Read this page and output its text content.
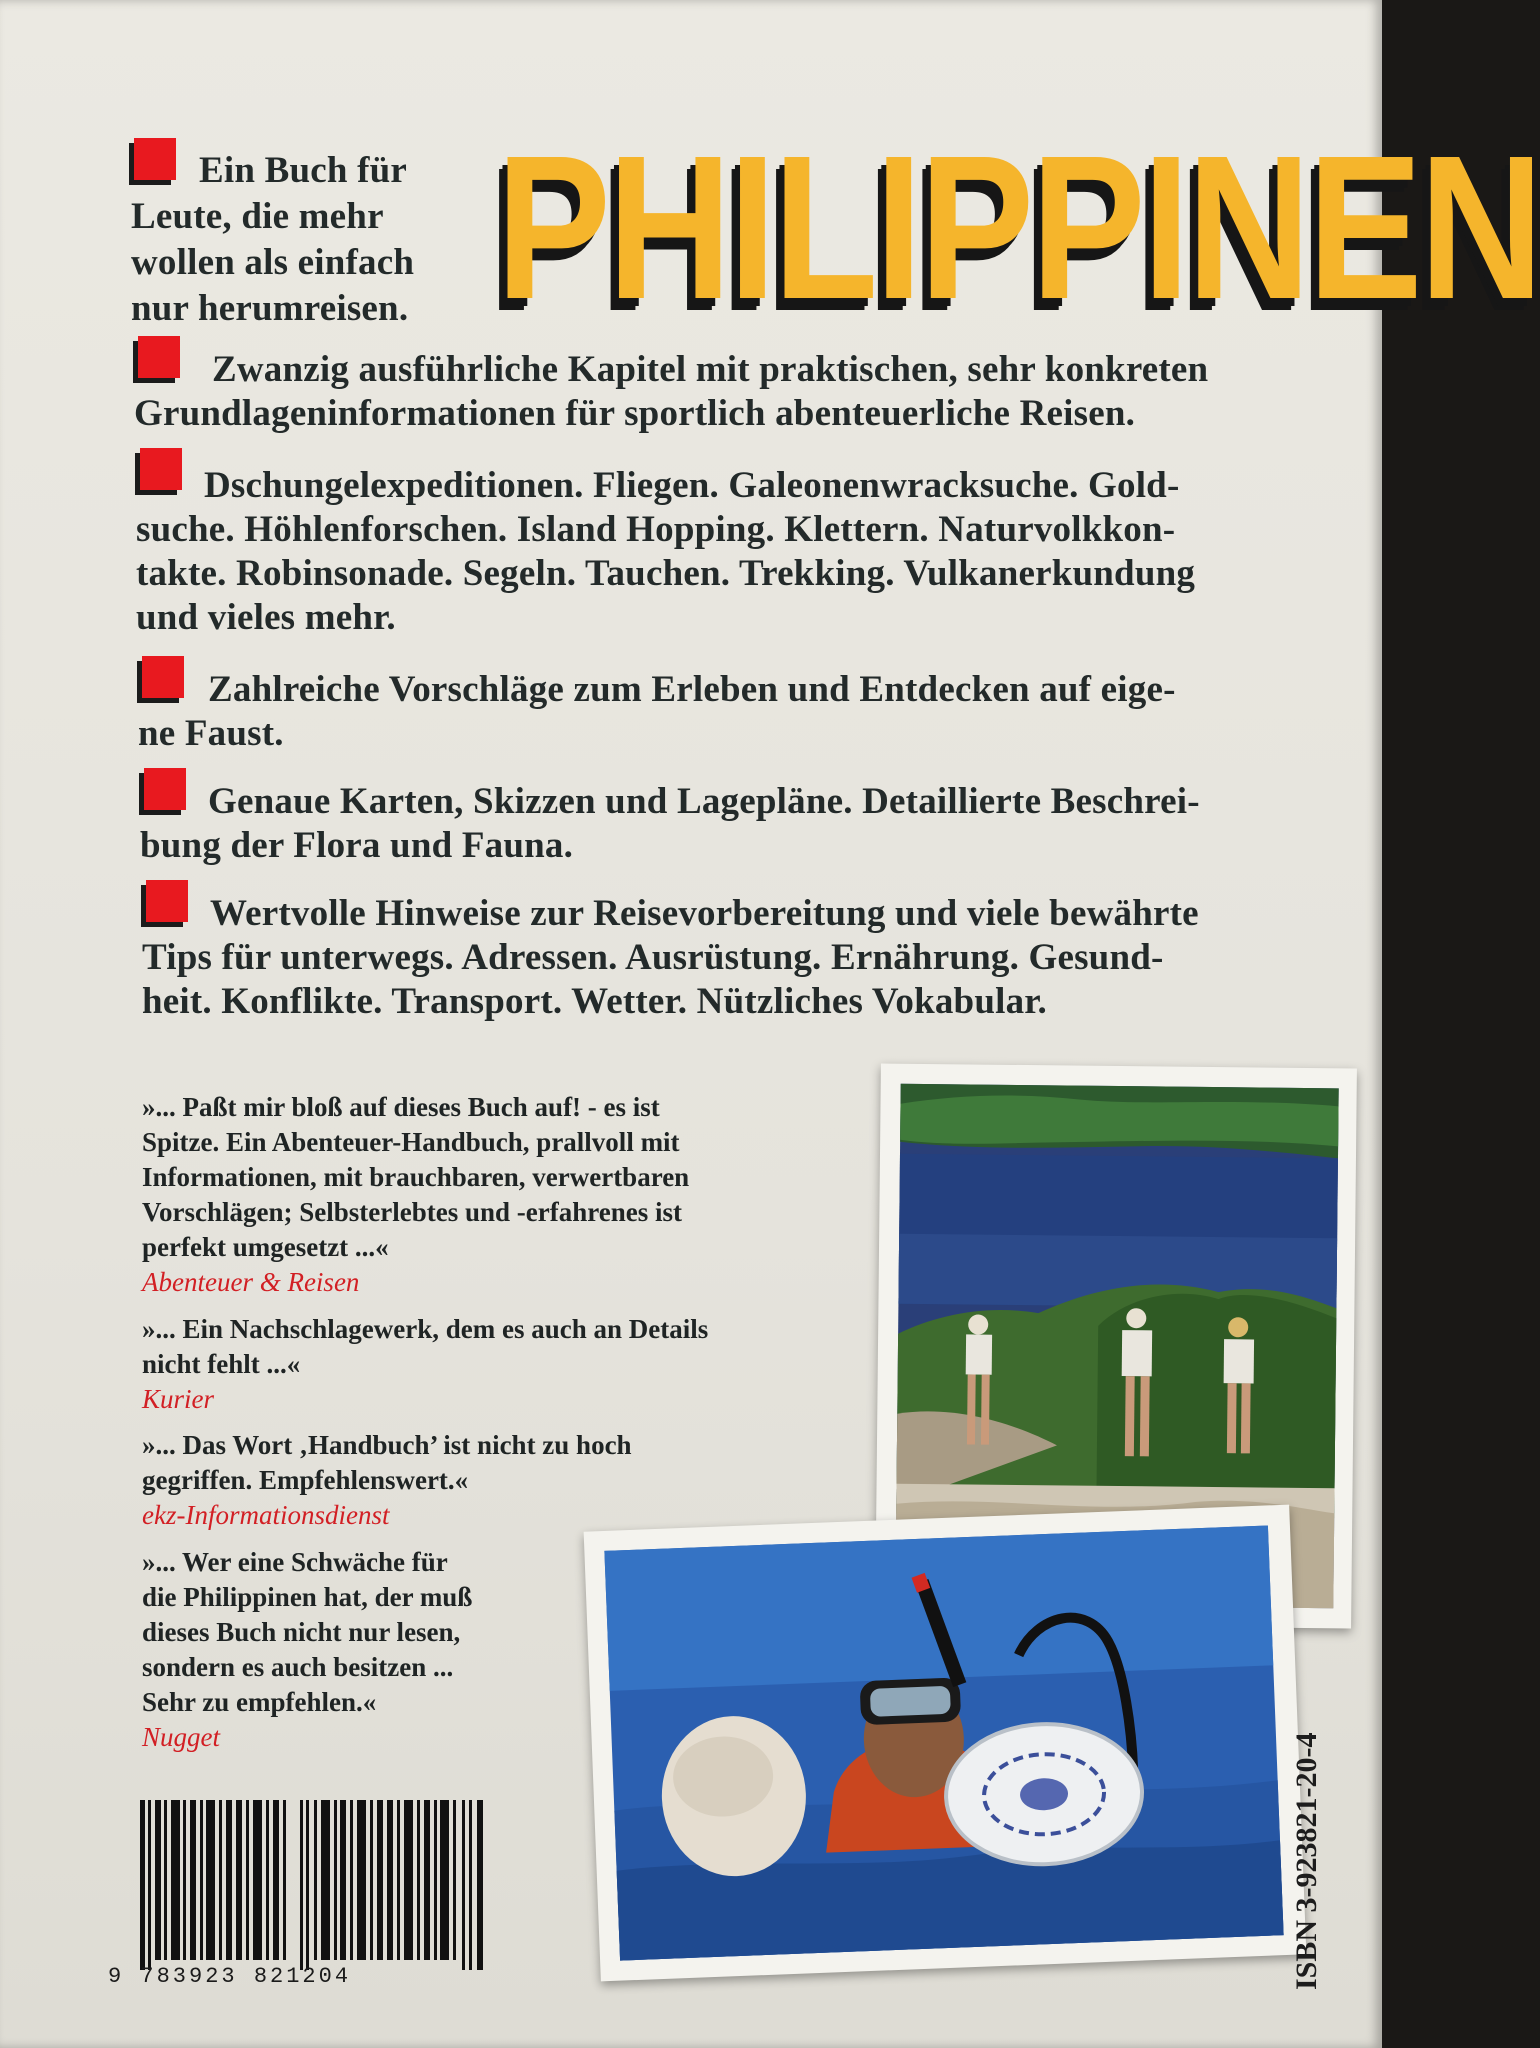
PHILIPPINEN
Ein Buch für
Leute, die mehr
wollen als einfach
nur herumreisen.
Zwanzig ausführliche Kapitel mit praktischen, sehr konkreten
Grundlageninformationen für sportlich abenteuerliche Reisen.
Dschungelexpeditionen. Fliegen. Galeonenwracksuche. Gold-
suche. Höhlenforschen. Island Hopping. Klettern. Naturvolkkon-
takte. Robinsonade. Segeln. Tauchen. Trekking. Vulkanerkundung
und vieles mehr.
Zahlreiche Vorschläge zum Erleben und Entdecken auf eige-
ne Faust.
Genaue Karten, Skizzen und Lagepläne. Detaillierte Beschrei-
bung der Flora und Fauna.
Wertvolle Hinweise zur Reisevorbereitung und viele bewährte
Tips für unterwegs. Adressen. Ausrüstung. Ernährung. Gesund-
heit. Konflikte. Transport. Wetter. Nützliches Vokabular.
»... Paßt mir bloß auf dieses Buch auf! - es ist
Spitze. Ein Abenteuer-Handbuch, prallvoll mit
Informationen, mit brauchbaren, verwertbaren
Vorschlägen; Selbsterlebtes und -erfahrenes ist
perfekt umgesetzt ...«
Abenteuer & Reisen
»... Ein Nachschlagewerk, dem es auch an Details
nicht fehlt ...«
Kurier
»... Das Wort ‚Handbuch’ ist nicht zu hoch
gegriffen. Empfehlenswert.«
ekz-Informationsdienst
»... Wer eine Schwäche für
die Philippinen hat, der muß
dieses Buch nicht nur lesen,
sondern es auch besitzen ...
Sehr zu empfehlen.«
Nugget	ISBN 3-923821-20-4
9 783923 821204
